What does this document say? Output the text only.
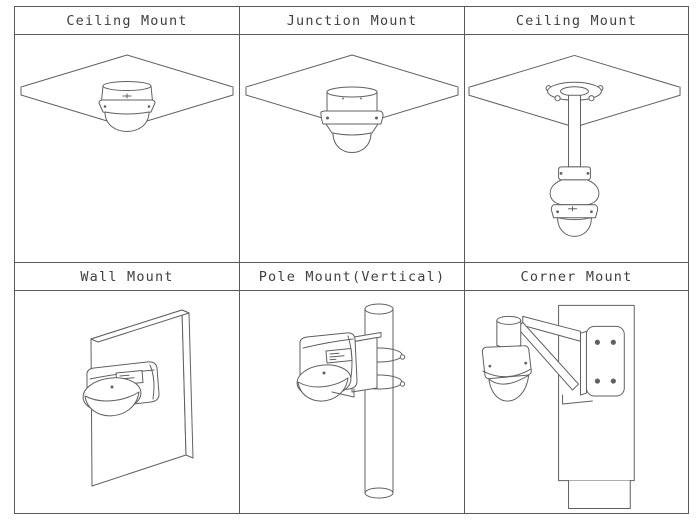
Ceiling Mount	Junction Mount	Ceiling Mount
Wall Mount	Pole Mount(Vertical)	Corner Mount
